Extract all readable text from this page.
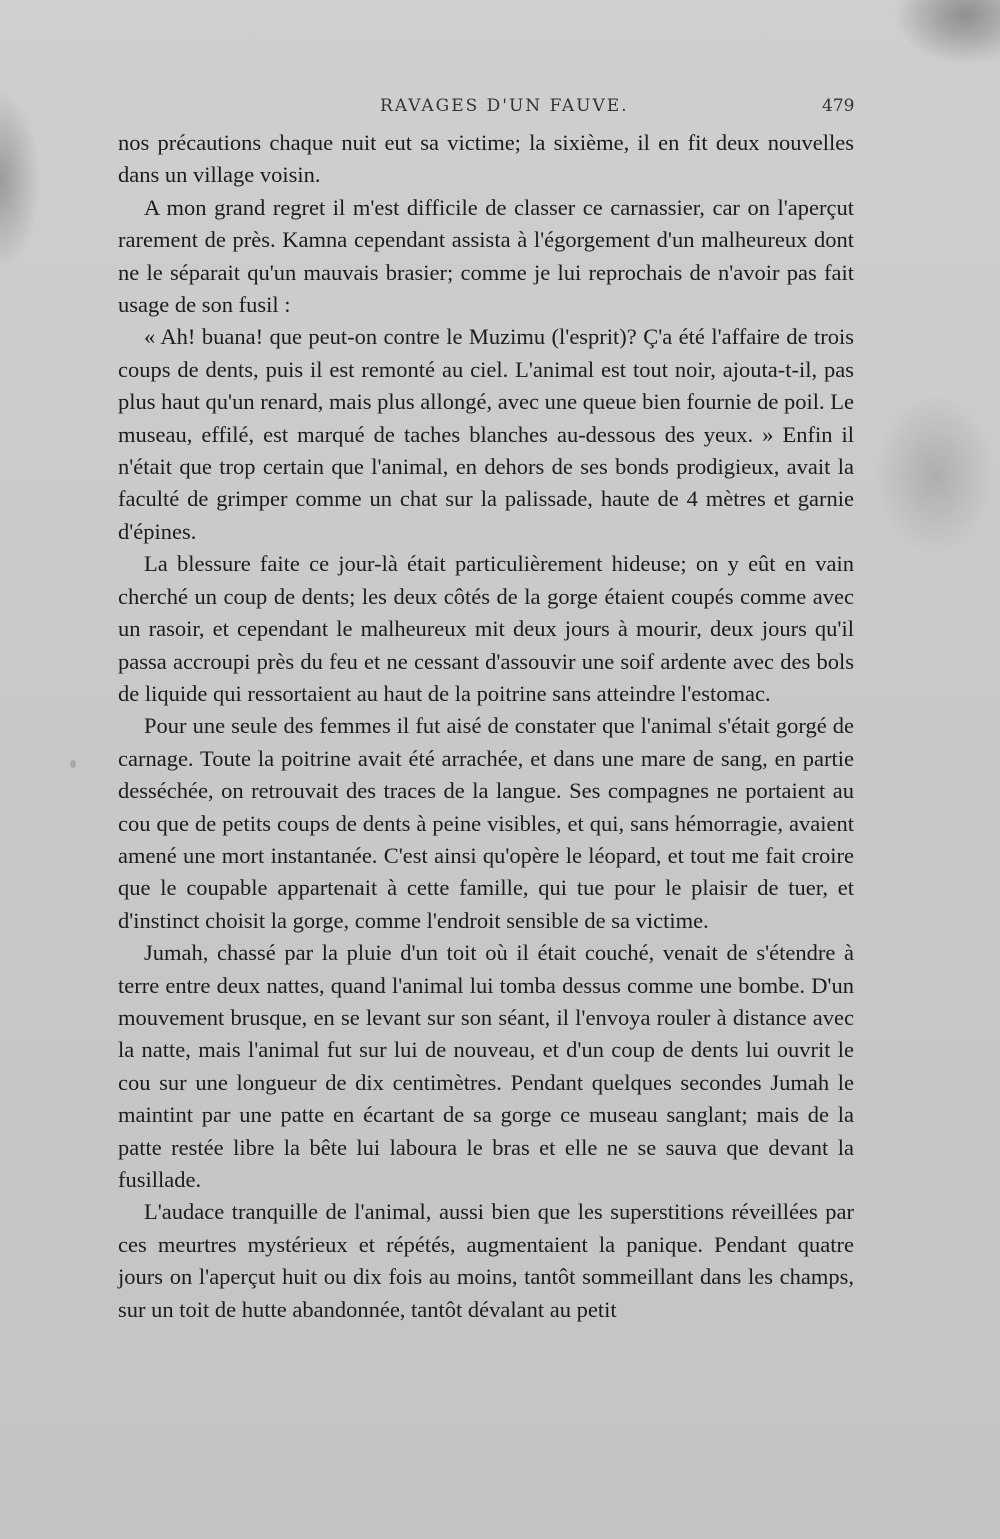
RAVAGES D'UN FAUVE.	479

nos précautions chaque nuit eut sa victime; la sixième, il en fit deux nouvelles dans un village voisin.

A mon grand regret il m'est difficile de classer ce carnassier, car on l'aperçut rarement de près. Kamna cependant assista à l'égorgement d'un malheureux dont ne le séparait qu'un mauvais brasier; comme je lui reprochais de n'avoir pas fait usage de son fusil :

« Ah! buana! que peut-on contre le Muzimu (l'esprit)? Ç'a été l'affaire de trois coups de dents, puis il est remonté au ciel. L'animal est tout noir, ajouta-t-il, pas plus haut qu'un renard, mais plus allongé, avec une queue bien fournie de poil. Le museau, effilé, est marqué de taches blanches au-dessous des yeux. » Enfin il n'était que trop certain que l'animal, en dehors de ses bonds prodigieux, avait la faculté de grimper comme un chat sur la palissade, haute de 4 mètres et garnie d'épines.

La blessure faite ce jour-là était particulièrement hideuse; on y eût en vain cherché un coup de dents; les deux côtés de la gorge étaient coupés comme avec un rasoir, et cependant le malheureux mit deux jours à mourir, deux jours qu'il passa accroupi près du feu et ne cessant d'assouvir une soif ardente avec des bols de liquide qui ressortaient au haut de la poitrine sans atteindre l'estomac.

Pour une seule des femmes il fut aisé de constater que l'animal s'était gorgé de carnage. Toute la poitrine avait été arrachée, et dans une mare de sang, en partie desséchée, on retrouvait des traces de la langue. Ses compagnes ne portaient au cou que de petits coups de dents à peine visibles, et qui, sans hémorragie, avaient amené une mort instantanée. C'est ainsi qu'opère le léopard, et tout me fait croire que le coupable appartenait à cette famille, qui tue pour le plaisir de tuer, et d'instinct choisit la gorge, comme l'endroit sensible de sa victime.

Jumah, chassé par la pluie d'un toit où il était couché, venait de s'étendre à terre entre deux nattes, quand l'animal lui tomba dessus comme une bombe. D'un mouvement brusque, en se levant sur son séant, il l'envoya rouler à distance avec la natte, mais l'animal fut sur lui de nouveau, et d'un coup de dents lui ouvrit le cou sur une longueur de dix centimètres. Pendant quelques secondes Jumah le maintint par une patte en écartant de sa gorge ce museau sanglant; mais de la patte restée libre la bête lui laboura le bras et elle ne se sauva que devant la fusillade.

L'audace tranquille de l'animal, aussi bien que les superstitions réveillées par ces meurtres mystérieux et répétés, augmentaient la panique. Pendant quatre jours on l'aperçut huit ou dix fois au moins, tantôt sommeillant dans les champs, sur un toit de hutte abandonnée, tantôt dévalant au petit
